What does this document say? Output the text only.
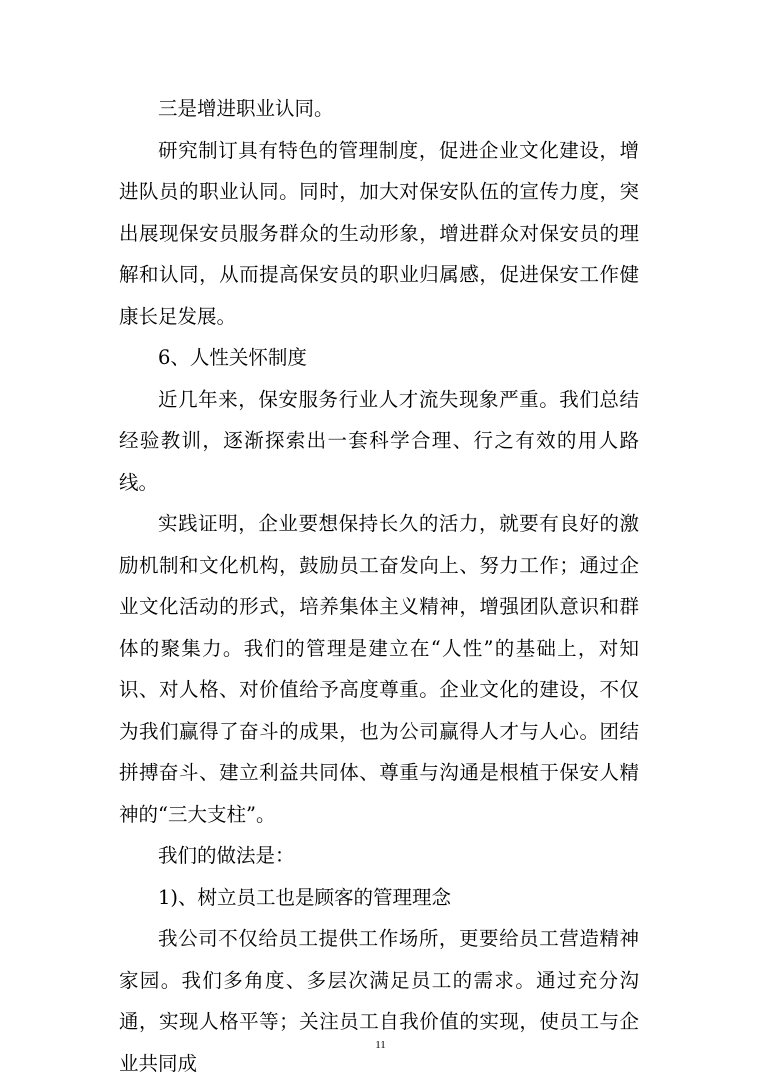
三是增进职业认同。

研究制订具有特色的管理制度，促进企业文化建设，增进队员的职业认同。同时，加大对保安队伍的宣传力度，突出展现保安员服务群众的生动形象，增进群众对保安员的理解和认同，从而提高保安员的职业归属感，促进保安工作健康长足发展。

6、人性关怀制度

近几年来，保安服务行业人才流失现象严重。我们总结经验教训，逐渐探索出一套科学合理、行之有效的用人路线。

实践证明，企业要想保持长久的活力，就要有良好的激励机制和文化机构，鼓励员工奋发向上、努力工作；通过企业文化活动的形式，培养集体主义精神，增强团队意识和群体的聚集力。我们的管理是建立在“人性”的基础上，对知识、对人格、对价值给予高度尊重。企业文化的建设，不仅为我们赢得了奋斗的成果，也为公司赢得人才与人心。团结拼搏奋斗、建立利益共同体、尊重与沟通是根植于保安人精神的“三大支柱”。

我们的做法是：

1)、树立员工也是顾客的管理理念

我公司不仅给员工提供工作场所，更要给员工营造精神家园。我们多角度、多层次满足员工的需求。通过充分沟通，实现人格平等；关注员工自我价值的实现，使员工与企业共同成

11
